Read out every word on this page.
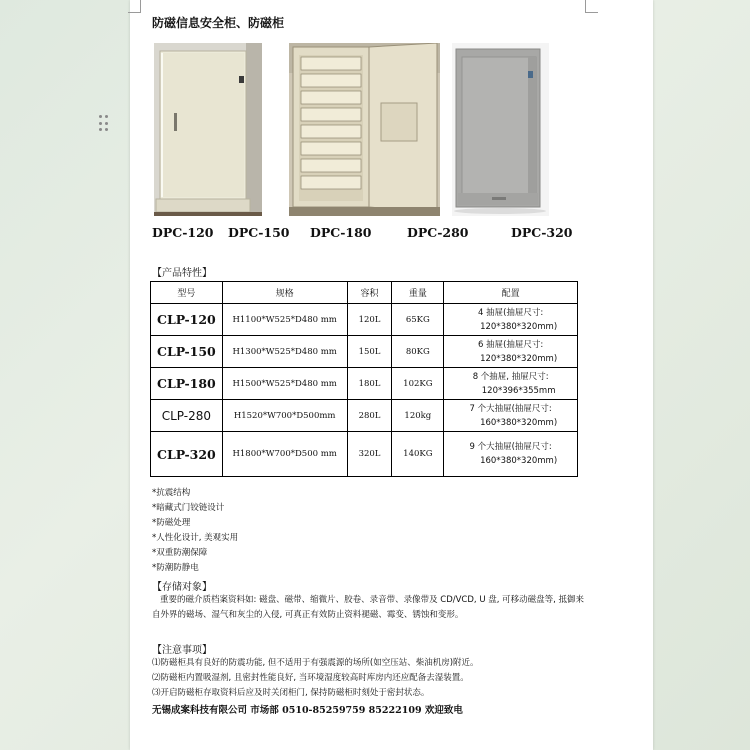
防磁信息安全柜、防磁柜
DPC-120 DPC-150 DPC-180	DPC-280	DPC-320
【产品特性】
型号	规格	容积	重量	配置
CLP-120	H1100*W525*D480 mm	120L	65KG	4 抽屉(抽屉尺寸:
120*380*320mm)

CLP-150	H1300*W525*D480 mm	150L	80KG	6 抽屉(抽屉尺寸:
120*380*320mm)

CLP-180	H1500*W525*D480 mm	180L	102KG	8 个抽屉, 抽屉尺寸:
120*396*355mm

CLP-280	H1520*W700*D500mm	280L	120kg	7 个大抽屉(抽屉尺寸:
160*380*320mm)

CLP-320	H1800*W700*D500 mm	320L	140KG	9 个大抽屉(抽屉尺寸:
160*380*320mm)
*抗震结构
*暗藏式门铰链设计
*防磁处理
*人性化设计, 美观实用
*双重防潮保障
*防潮防静电
【存储对象】
重要的磁介质档案资料如: 磁盘、磁带、缩微片、胶卷、录音带、录像带及 CD/VCD, U 盘, 可移动磁盘等, 抵御来自外界的磁场、湿气和灰尘的入侵, 可真正有效防止资料褪磁、霉变、锈蚀和变形。
【注意事项】
⑴防磁柜具有良好的防震功能, 但不适用于有强震源的场所(如空压站、柴油机房)附近。
⑵防磁柜内置吸湿剂, 且密封性能良好, 当环境湿度较高时库房内还应配备去湿装置。
⑶开启防磁柜存取资料后应及时关闭柜门, 保持防磁柜时刻处于密封状态。
无锡成案科技有限公司 市场部 0510-85259759 85222109 欢迎致电
